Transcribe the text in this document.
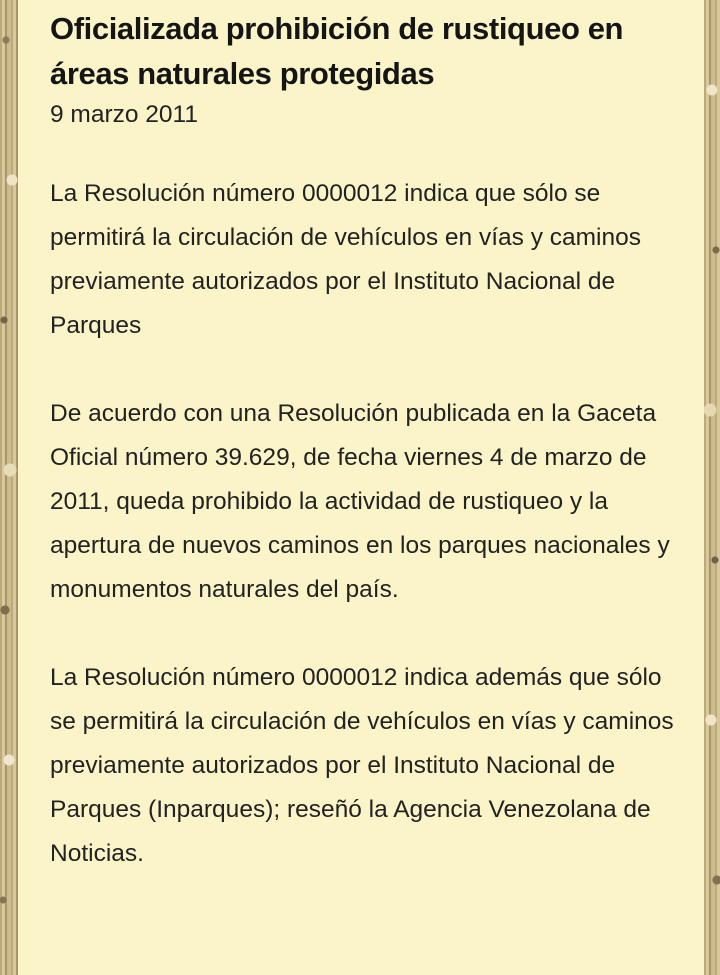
Oficializada prohibición de rustiqueo en áreas naturales protegidas
9 marzo 2011

La Resolución número 0000012 indica que sólo se permitirá la circulación de vehículos en vías y caminos previamente autorizados por el Instituto Nacional de Parques

De acuerdo con una Resolución publicada en la Gaceta Oficial número 39.629, de fecha viernes 4 de marzo de 2011, queda prohibido la actividad de rustiqueo y la apertura de nuevos caminos en los parques nacionales y monumentos naturales del país.

La Resolución número 0000012 indica además que sólo se permitirá la circulación de vehículos en vías y caminos previamente autorizados por el Instituto Nacional de Parques (Inparques); reseñó la Agencia Venezolana de Noticias.
